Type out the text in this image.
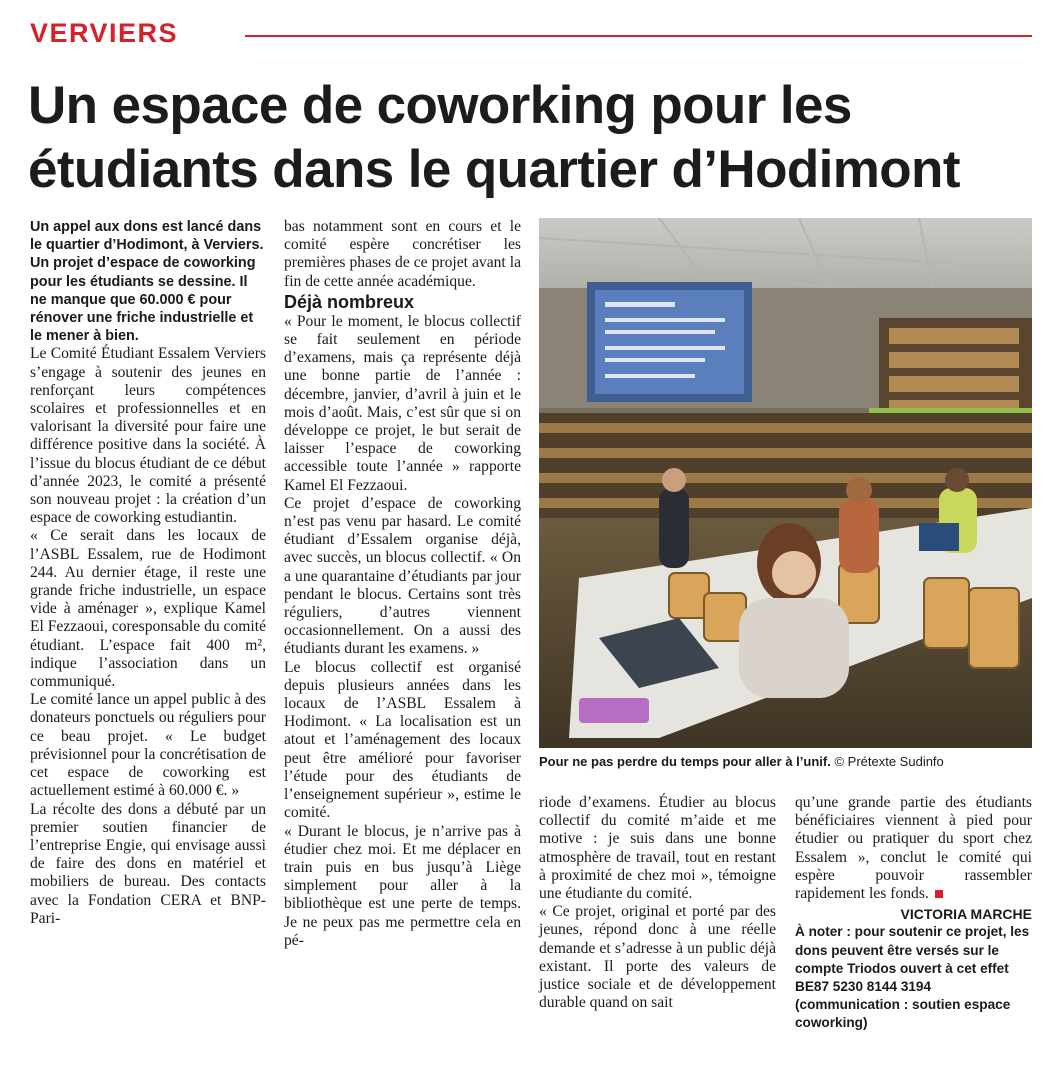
VERVIERS
Un espace de coworking pour les étudiants dans le quartier d’Hodimont

Un appel aux dons est lancé dans le quartier d’Hodimont, à Verviers. Un projet d’espace de coworking pour les étudiants se dessine. Il ne manque que 60.000 € pour rénover une friche industrielle et le mener à bien.

Le Comité Étudiant Essalem Verviers s’engage à soutenir des jeunes en renforçant leurs compétences scolaires et professionnelles et en valorisant la diversité pour faire une différence positive dans la société. À l’issue du blocus étudiant de ce début d’année 2023, le comité a présenté son nouveau projet : la création d’un espace de coworking estudiantin.

« Ce serait dans les locaux de l’ASBL Essalem, rue de Hodimont 244. Au dernier étage, il reste une grande friche industrielle, un espace vide à aménager », explique Kamel El Fezzaoui, coresponsable du comité étudiant. L’espace fait 400 m², indique l’association dans un communiqué.

Le comité lance un appel public à des donateurs ponctuels ou réguliers pour ce beau projet. « Le budget prévisionnel pour la concrétisation de cet espace de coworking est actuellement estimé à 60.000 €. »

La récolte des dons a débuté par un premier soutien financier de l’entreprise Engie, qui envisage aussi de faire des dons en matériel et mobiliers de bureau. Des contacts avec la Fondation CERA et BNP-Pari-

bas notamment sont en cours et le comité espère concrétiser les premières phases de ce projet avant la fin de cette année académique.

Déjà nombreux

« Pour le moment, le blocus collectif se fait seulement en période d’examens, mais ça représente déjà une bonne partie de l’année : décembre, janvier, d’avril à juin et le mois d’août. Mais, c’est sûr que si on développe ce projet, le but serait de laisser l’espace de coworking accessible toute l’année » rapporte Kamel El Fezzaoui.

Ce projet d’espace de coworking n’est pas venu par hasard. Le comité étudiant d’Essalem organise déjà, avec succès, un blocus collectif. « On a une quarantaine d’étudiants par jour pendant le blocus. Certains sont très réguliers, d’autres viennent occasionnellement. On a aussi des étudiants durant les examens. »

Le blocus collectif est organisé depuis plusieurs années dans les locaux de l’ASBL Essalem à Hodimont. « La localisation est un atout et l’aménagement des locaux peut être amélioré pour favoriser l’étude pour des étudiants de l’enseignement supérieur », estime le comité.

« Durant le blocus, je n’arrive pas à étudier chez moi. Et me déplacer en train puis en bus jusqu’à Liège simplement pour aller à la bibliothèque est une perte de temps. Je ne peux pas me permettre cela en pé-

Pour ne pas perdre du temps pour aller à l’unif. © Prétexte Sudinfo

riode d’examens. Étudier au blocus collectif du comité m’aide et me motive : je suis dans une bonne atmosphère de travail, tout en restant à proximité de chez moi », témoigne une étudiante du comité.

« Ce projet, original et porté par des jeunes, répond donc à une réelle demande et s’adresse à un public déjà existant. Il porte des valeurs de justice sociale et de développement durable quand on sait

qu’une grande partie des étudiants bénéficiaires viennent à pied pour étudier ou pratiquer du sport chez Essalem », conclut le comité qui espère pouvoir rassembler rapidement les fonds.

VICTORIA MARCHE

À noter : pour soutenir ce projet, les dons peuvent être versés sur le compte Triodos ouvert à cet effet BE87 5230 8144 3194 (communication : soutien espace coworking)
